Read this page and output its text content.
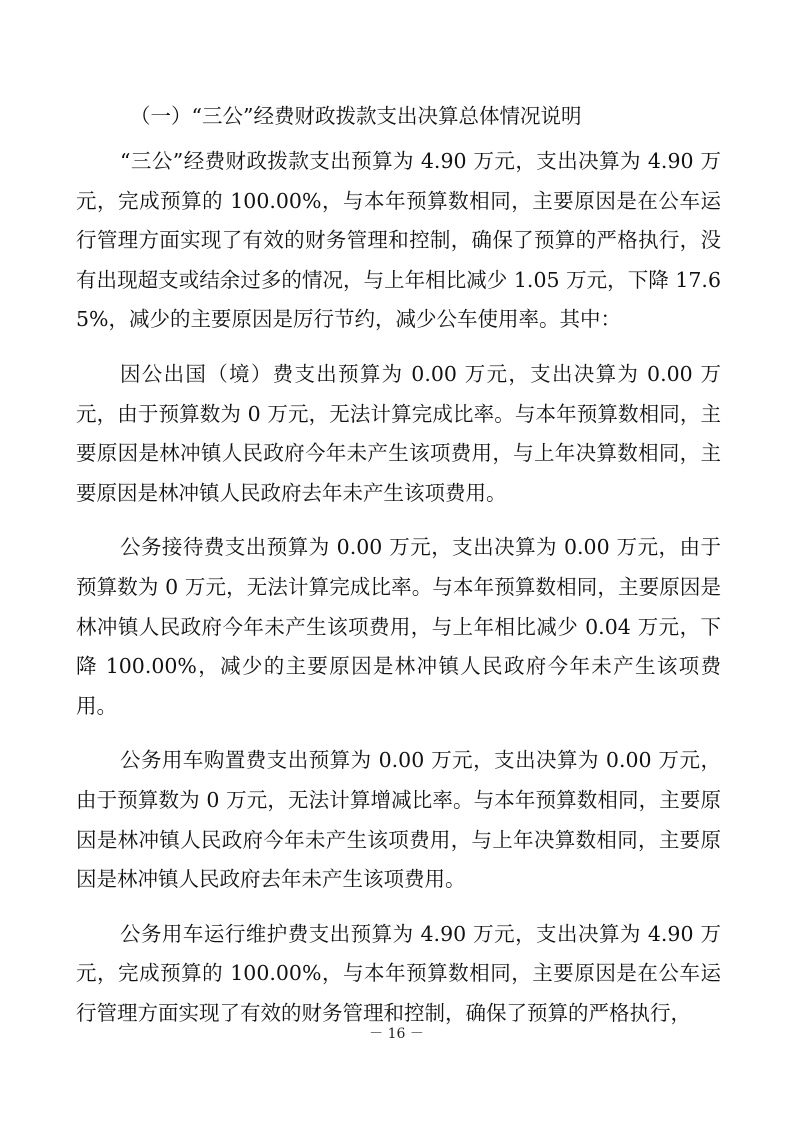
（一）“三公”经费财政拨款支出决算总体情况说明

“三公”经费财政拨款支出预算为 4.90 万元，支出决算为 4.90 万元，完成预算的 100.00%，与本年预算数相同，主要原因是在公车运行管理方面实现了有效的财务管理和控制，确保了预算的严格执行，没有出现超支或结余过多的情况，与上年相比减少 1.05 万元，下降 17.65%，减少的主要原因是厉行节约，减少公车使用率。其中：

因公出国（境）费支出预算为 0.00 万元，支出决算为 0.00 万元，由于预算数为 0 万元，无法计算完成比率。与本年预算数相同，主要原因是林冲镇人民政府今年未产生该项费用，与上年决算数相同，主要原因是林冲镇人民政府去年未产生该项费用。

公务接待费支出预算为 0.00 万元，支出决算为 0.00 万元，由于预算数为 0 万元，无法计算完成比率。与本年预算数相同，主要原因是林冲镇人民政府今年未产生该项费用，与上年相比减少 0.04 万元，下降 100.00%，减少的主要原因是林冲镇人民政府今年未产生该项费用。

公务用车购置费支出预算为 0.00 万元，支出决算为 0.00 万元，由于预算数为 0 万元，无法计算增减比率。与本年预算数相同，主要原因是林冲镇人民政府今年未产生该项费用，与上年决算数相同，主要原因是林冲镇人民政府去年未产生该项费用。

公务用车运行维护费支出预算为 4.90 万元，支出决算为 4.90 万元，完成预算的 100.00%，与本年预算数相同，主要原因是在公车运行管理方面实现了有效的财务管理和控制，确保了预算的严格执行，

－ 16 －
